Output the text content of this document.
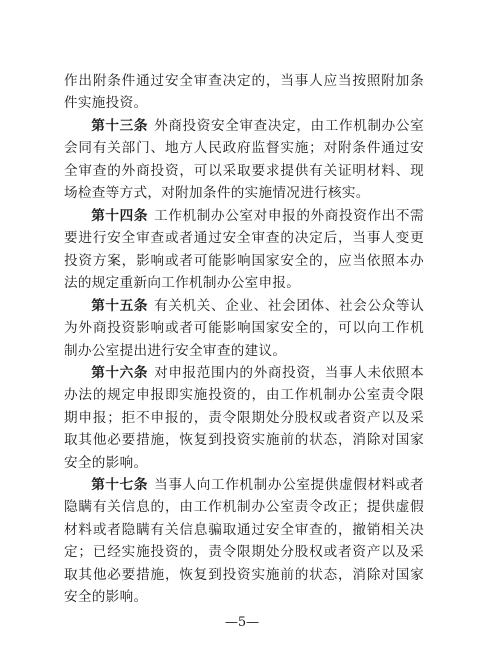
作出附条件通过安全审查决定的，当事人应当按照附加条件实施投资。

第十三条 外商投资安全审查决定，由工作机制办公室会同有关部门、地方人民政府监督实施；对附条件通过安全审查的外商投资，可以采取要求提供有关证明材料、现场检查等方式，对附加条件的实施情况进行核实。

第十四条 工作机制办公室对申报的外商投资作出不需要进行安全审查或者通过安全审查的决定后，当事人变更投资方案，影响或者可能影响国家安全的，应当依照本办法的规定重新向工作机制办公室申报。

第十五条 有关机关、企业、社会团体、社会公众等认为外商投资影响或者可能影响国家安全的，可以向工作机制办公室提出进行安全审查的建议。

第十六条 对申报范围内的外商投资，当事人未依照本办法的规定申报即实施投资的，由工作机制办公室责令限期申报；拒不申报的，责令限期处分股权或者资产以及采取其他必要措施，恢复到投资实施前的状态，消除对国家安全的影响。

第十七条 当事人向工作机制办公室提供虚假材料或者隐瞒有关信息的，由工作机制办公室责令改正；提供虚假材料或者隐瞒有关信息骗取通过安全审查的，撤销相关决定；已经实施投资的，责令限期处分股权或者资产以及采取其他必要措施，恢复到投资实施前的状态，消除对国家安全的影响。

—5—
